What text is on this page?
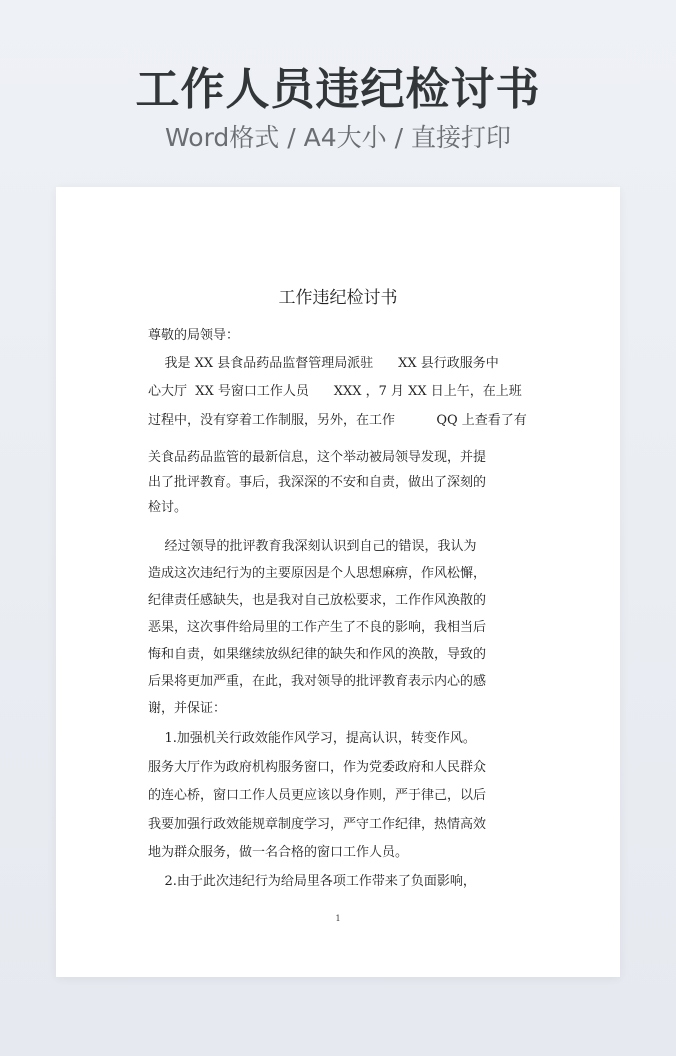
工作人员违纪检讨书
Word格式 / A4大小 / 直接打印
工作违纪检讨书
尊敬的局领导：
我是 XX 县食品药品监督管理局派驻      XX 县行政服务中
心大厅  XX 号窗口工作人员      XXX ，7 月 XX 日上午，在上班
过程中，没有穿着工作制服，另外，在工作          QQ 上查看了有
关食品药品监管的最新信息，这个举动被局领导发现，并提
出了批评教育。事后，我深深的不安和自责，做出了深刻的
检讨。
经过领导的批评教育我深刻认识到自己的错误，我认为
造成这次违纪行为的主要原因是个人思想麻痹，作风松懈，
纪律责任感缺失，也是我对自己放松要求，工作作风涣散的
恶果，这次事件给局里的工作产生了不良的影响，我相当后
悔和自责，如果继续放纵纪律的缺失和作风的涣散，导致的
后果将更加严重，在此，我对领导的批评教育表示内心的感
谢，并保证：
1.加强机关行政效能作风学习，提高认识，转变作风。
服务大厅作为政府机构服务窗口，作为党委政府和人民群众
的连心桥，窗口工作人员更应该以身作则，严于律己，以后
我要加强行政效能规章制度学习，严守工作纪律，热情高效
地为群众服务，做一名合格的窗口工作人员。
2.由于此次违纪行为给局里各项工作带来了负面影响，
1
